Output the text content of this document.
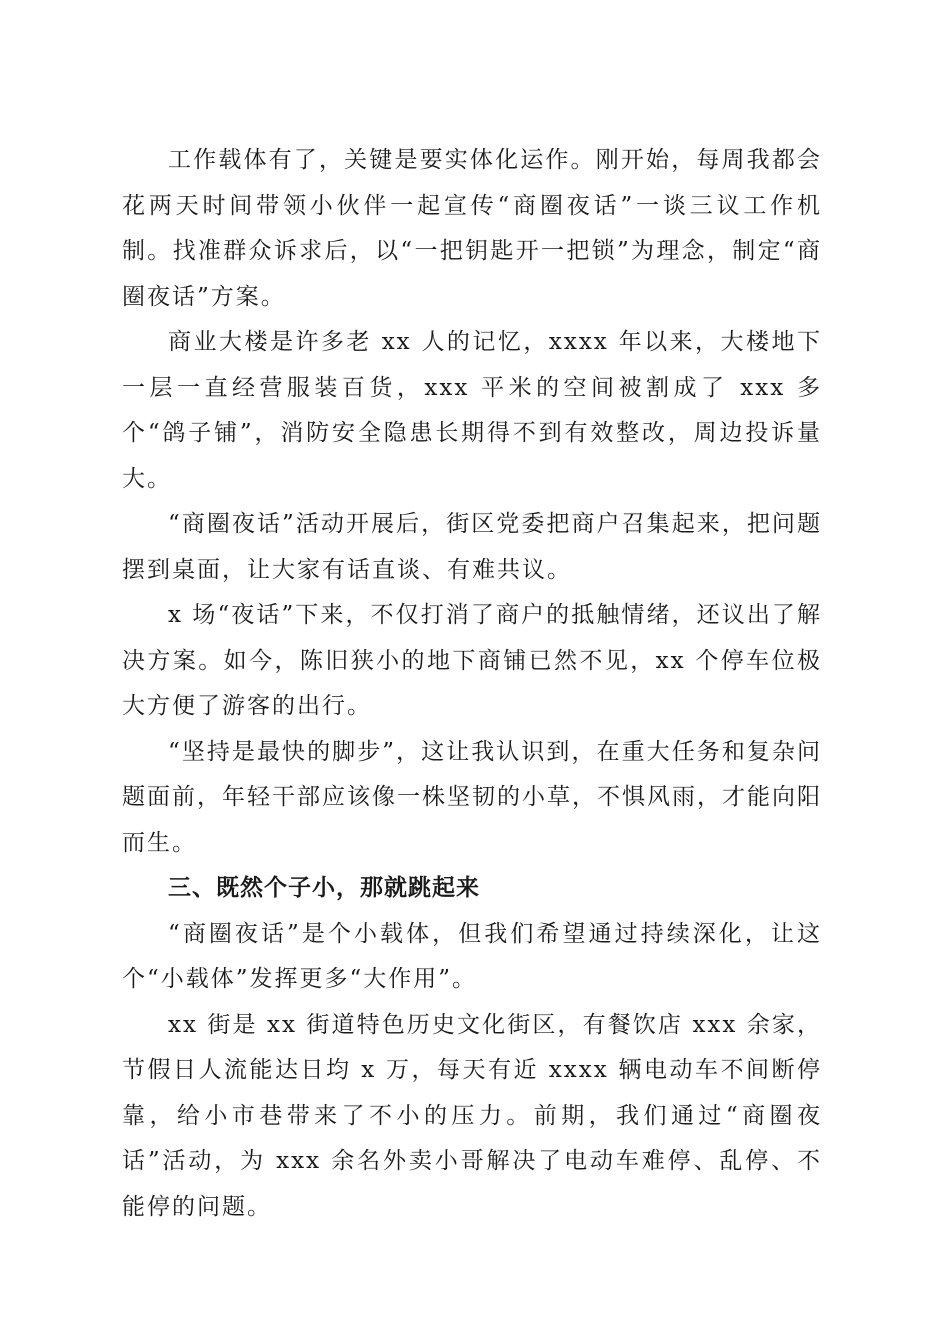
工作载体有了，关键是要实体化运作。刚开始，每周我都会花两天时间带领小伙伴一起宣传“商圈夜话”一谈三议工作机制。找准群众诉求后，以“一把钥匙开一把锁”为理念，制定“商圈夜话”方案。

商业大楼是许多老 xx 人的记忆，xxxx 年以来，大楼地下一层一直经营服装百货，xxx 平米的空间被割成了 xxx 多个“鸽子铺”，消防安全隐患长期得不到有效整改，周边投诉量大。

“商圈夜话”活动开展后，街区党委把商户召集起来，把问题摆到桌面，让大家有话直谈、有难共议。

x 场“夜话”下来，不仅打消了商户的抵触情绪，还议出了解决方案。如今，陈旧狭小的地下商铺已然不见，xx 个停车位极大方便了游客的出行。

“坚持是最快的脚步”，这让我认识到，在重大任务和复杂问题面前，年轻干部应该像一株坚韧的小草，不惧风雨，才能向阳而生。

三、既然个子小，那就跳起来

“商圈夜话”是个小载体，但我们希望通过持续深化，让这个“小载体”发挥更多“大作用”。

xx 街是 xx 街道特色历史文化街区，有餐饮店 xxx 余家，节假日人流能达日均 x 万，每天有近 xxxx 辆电动车不间断停靠，给小市巷带来了不小的压力。前期，我们通过“商圈夜话”活动，为 xxx 余名外卖小哥解决了电动车难停、乱停、不能停的问题。
